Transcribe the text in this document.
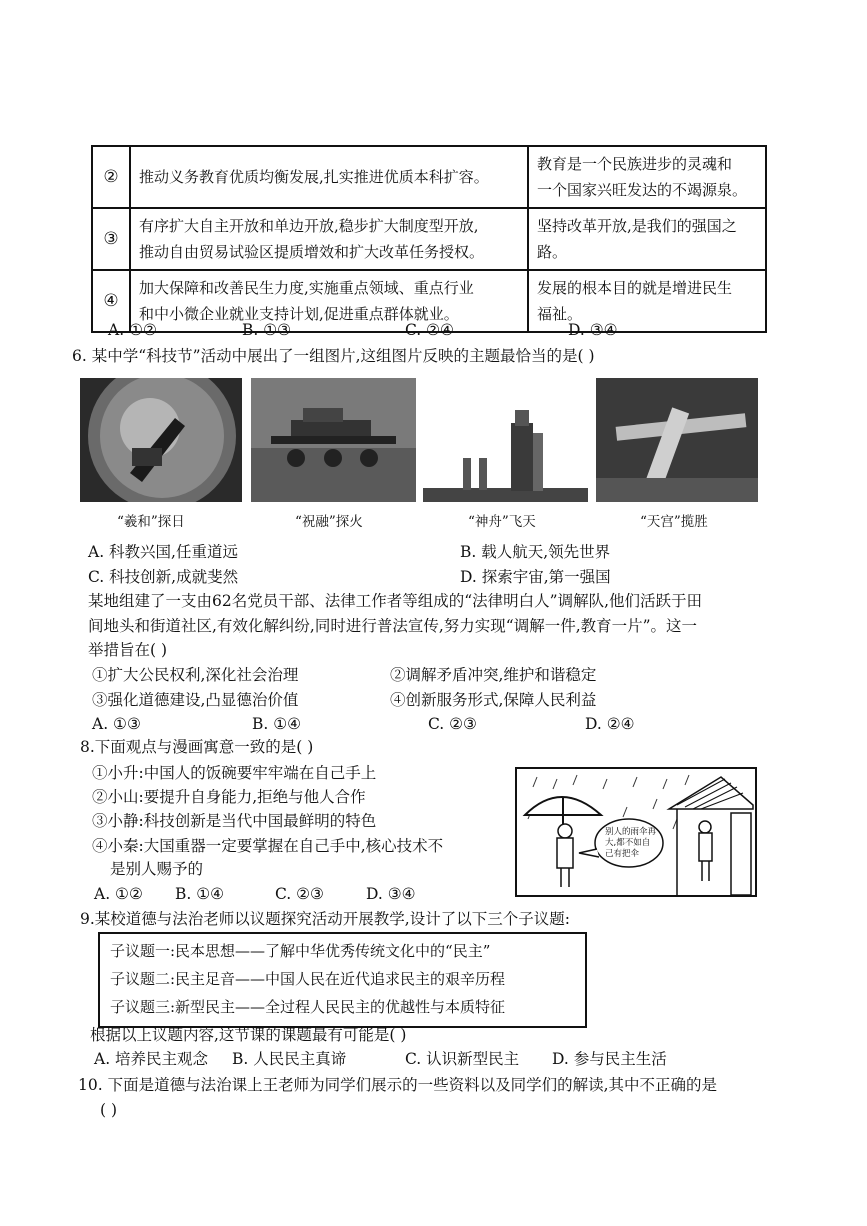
②	推动义务教育优质均衡发展,扎实推进优质本科扩容。	教育是一个民族进步的灵魂和
一个国家兴旺发达的不竭源泉。
③	有序扩大自主开放和单边开放,稳步扩大制度型开放,
推动自由贸易试验区提质增效和扩大改革任务授权。	坚持改革开放,是我们的强国之
路。
④	加大保障和改善民生力度,实施重点领域、重点行业
和中小微企业就业支持计划,促进重点群体就业。	发展的根本目的就是增进民生
福祉。
A. ①②	B. ①③	C. ②④	D. ③④
6. 某中学“科技节”活动中展出了一组图片,这组图片反映的主题最恰当的是( )
“羲和”探日	“祝融”探火	“神舟”飞天	“天宫”揽胜
A. 科教兴国,任重道远	B. 载人航天,领先世界
C. 科技创新,成就斐然	D. 探索宇宙,第一强国
某地组建了一支由62名党员干部、法律工作者等组成的“法律明白人”调解队,他们活跃于田
间地头和街道社区,有效化解纠纷,同时进行普法宣传,努力实现“调解一件,教育一片”。这一
举措旨在( )
①扩大公民权利,深化社会治理	②调解矛盾冲突,维护和谐稳定
③强化道德建设,凸显德治价值	④创新服务形式,保障人民利益
A. ①③	B. ①④	C. ②③	D. ②④
8.下面观点与漫画寓意一致的是( )
①小升:中国人的饭碗要牢牢端在自己手上
②小山:要提升自身能力,拒绝与他人合作
③小静:科技创新是当代中国最鲜明的特色
④小秦:大国重器一定要掌握在自己手中,核心技术不
是别人赐予的
A. ①② B. ①④	C. ②③	D. ③④
别人的雨伞再
大,都不如自
己有把伞
9.某校道德与法治老师以议题探究活动开展教学,设计了以下三个子议题:
子议题一:民本思想——了解中华优秀传统文化中的“民主”
子议题二:民主足音——中国人民在近代追求民主的艰辛历程
子议题三:新型民主——全过程人民民主的优越性与本质特征
根据以上议题内容,这节课的课题最有可能是( )
A. 培养民主观念 B. 人民民主真谛	C. 认识新型民主 D. 参与民主生活
10. 下面是道德与法治课上王老师为同学们展示的一些资料以及同学们的解读,其中不正确的是
( )
